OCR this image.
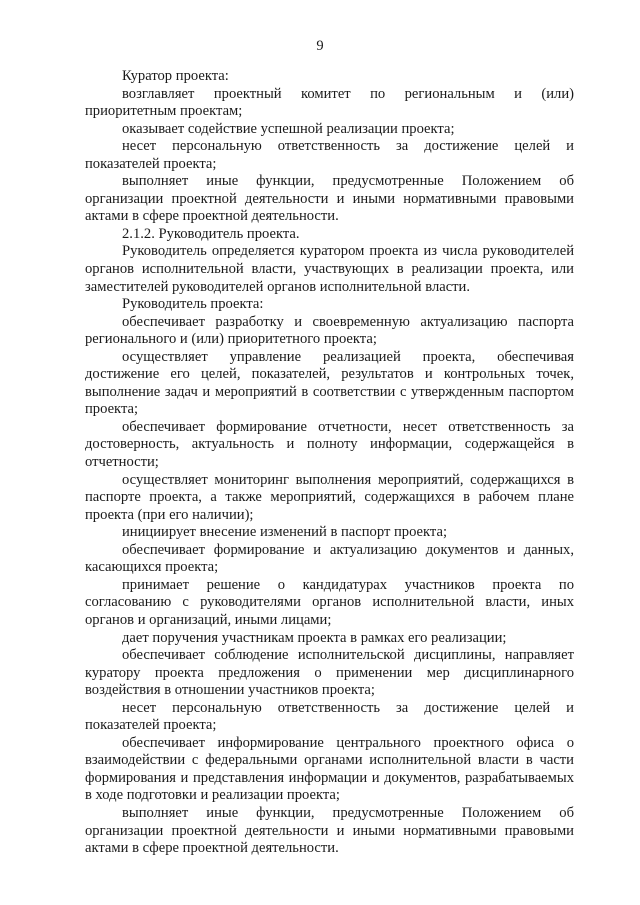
9

Куратор проекта:

возглавляет проектный комитет по региональным и (или) приоритетным проектам;

оказывает содействие успешной реализации проекта;

несет персональную ответственность за достижение целей и показателей проекта;

выполняет иные функции, предусмотренные Положением об организации проектной деятельности и иными нормативными правовыми актами в сфере проектной деятельности.

2.1.2. Руководитель проекта.

Руководитель определяется куратором проекта из числа руководителей органов исполнительной власти, участвующих в реализации проекта, или заместителей руководителей органов исполнительной власти.

Руководитель проекта:

обеспечивает разработку и своевременную актуализацию паспорта регионального и (или) приоритетного проекта;

осуществляет управление реализацией проекта, обеспечивая достижение его целей, показателей, результатов и контрольных точек, выполнение задач и мероприятий в соответствии с утвержденным паспортом проекта;

обеспечивает формирование отчетности, несет ответственность за достоверность, актуальность и полноту информации, содержащейся в отчетности;

осуществляет мониторинг выполнения мероприятий, содержащихся в паспорте проекта, а также мероприятий, содержащихся в рабочем плане проекта (при его наличии);

инициирует внесение изменений в паспорт проекта;

обеспечивает формирование и актуализацию документов и данных, касающихся проекта;

принимает решение о кандидатурах участников проекта по согласованию с руководителями органов исполнительной власти, иных органов и организаций, иными лицами;

дает поручения участникам проекта в рамках его реализации;

обеспечивает соблюдение исполнительской дисциплины, направляет куратору проекта предложения о применении мер дисциплинарного воздействия в отношении участников проекта;

несет персональную ответственность за достижение целей и показателей проекта;

обеспечивает информирование центрального проектного офиса о взаимодействии с федеральными органами исполнительной власти в части формирования и представления информации и документов, разрабатываемых в ходе подготовки и реализации проекта;

выполняет иные функции, предусмотренные Положением об организации проектной деятельности и иными нормативными правовыми актами в сфере проектной деятельности.
